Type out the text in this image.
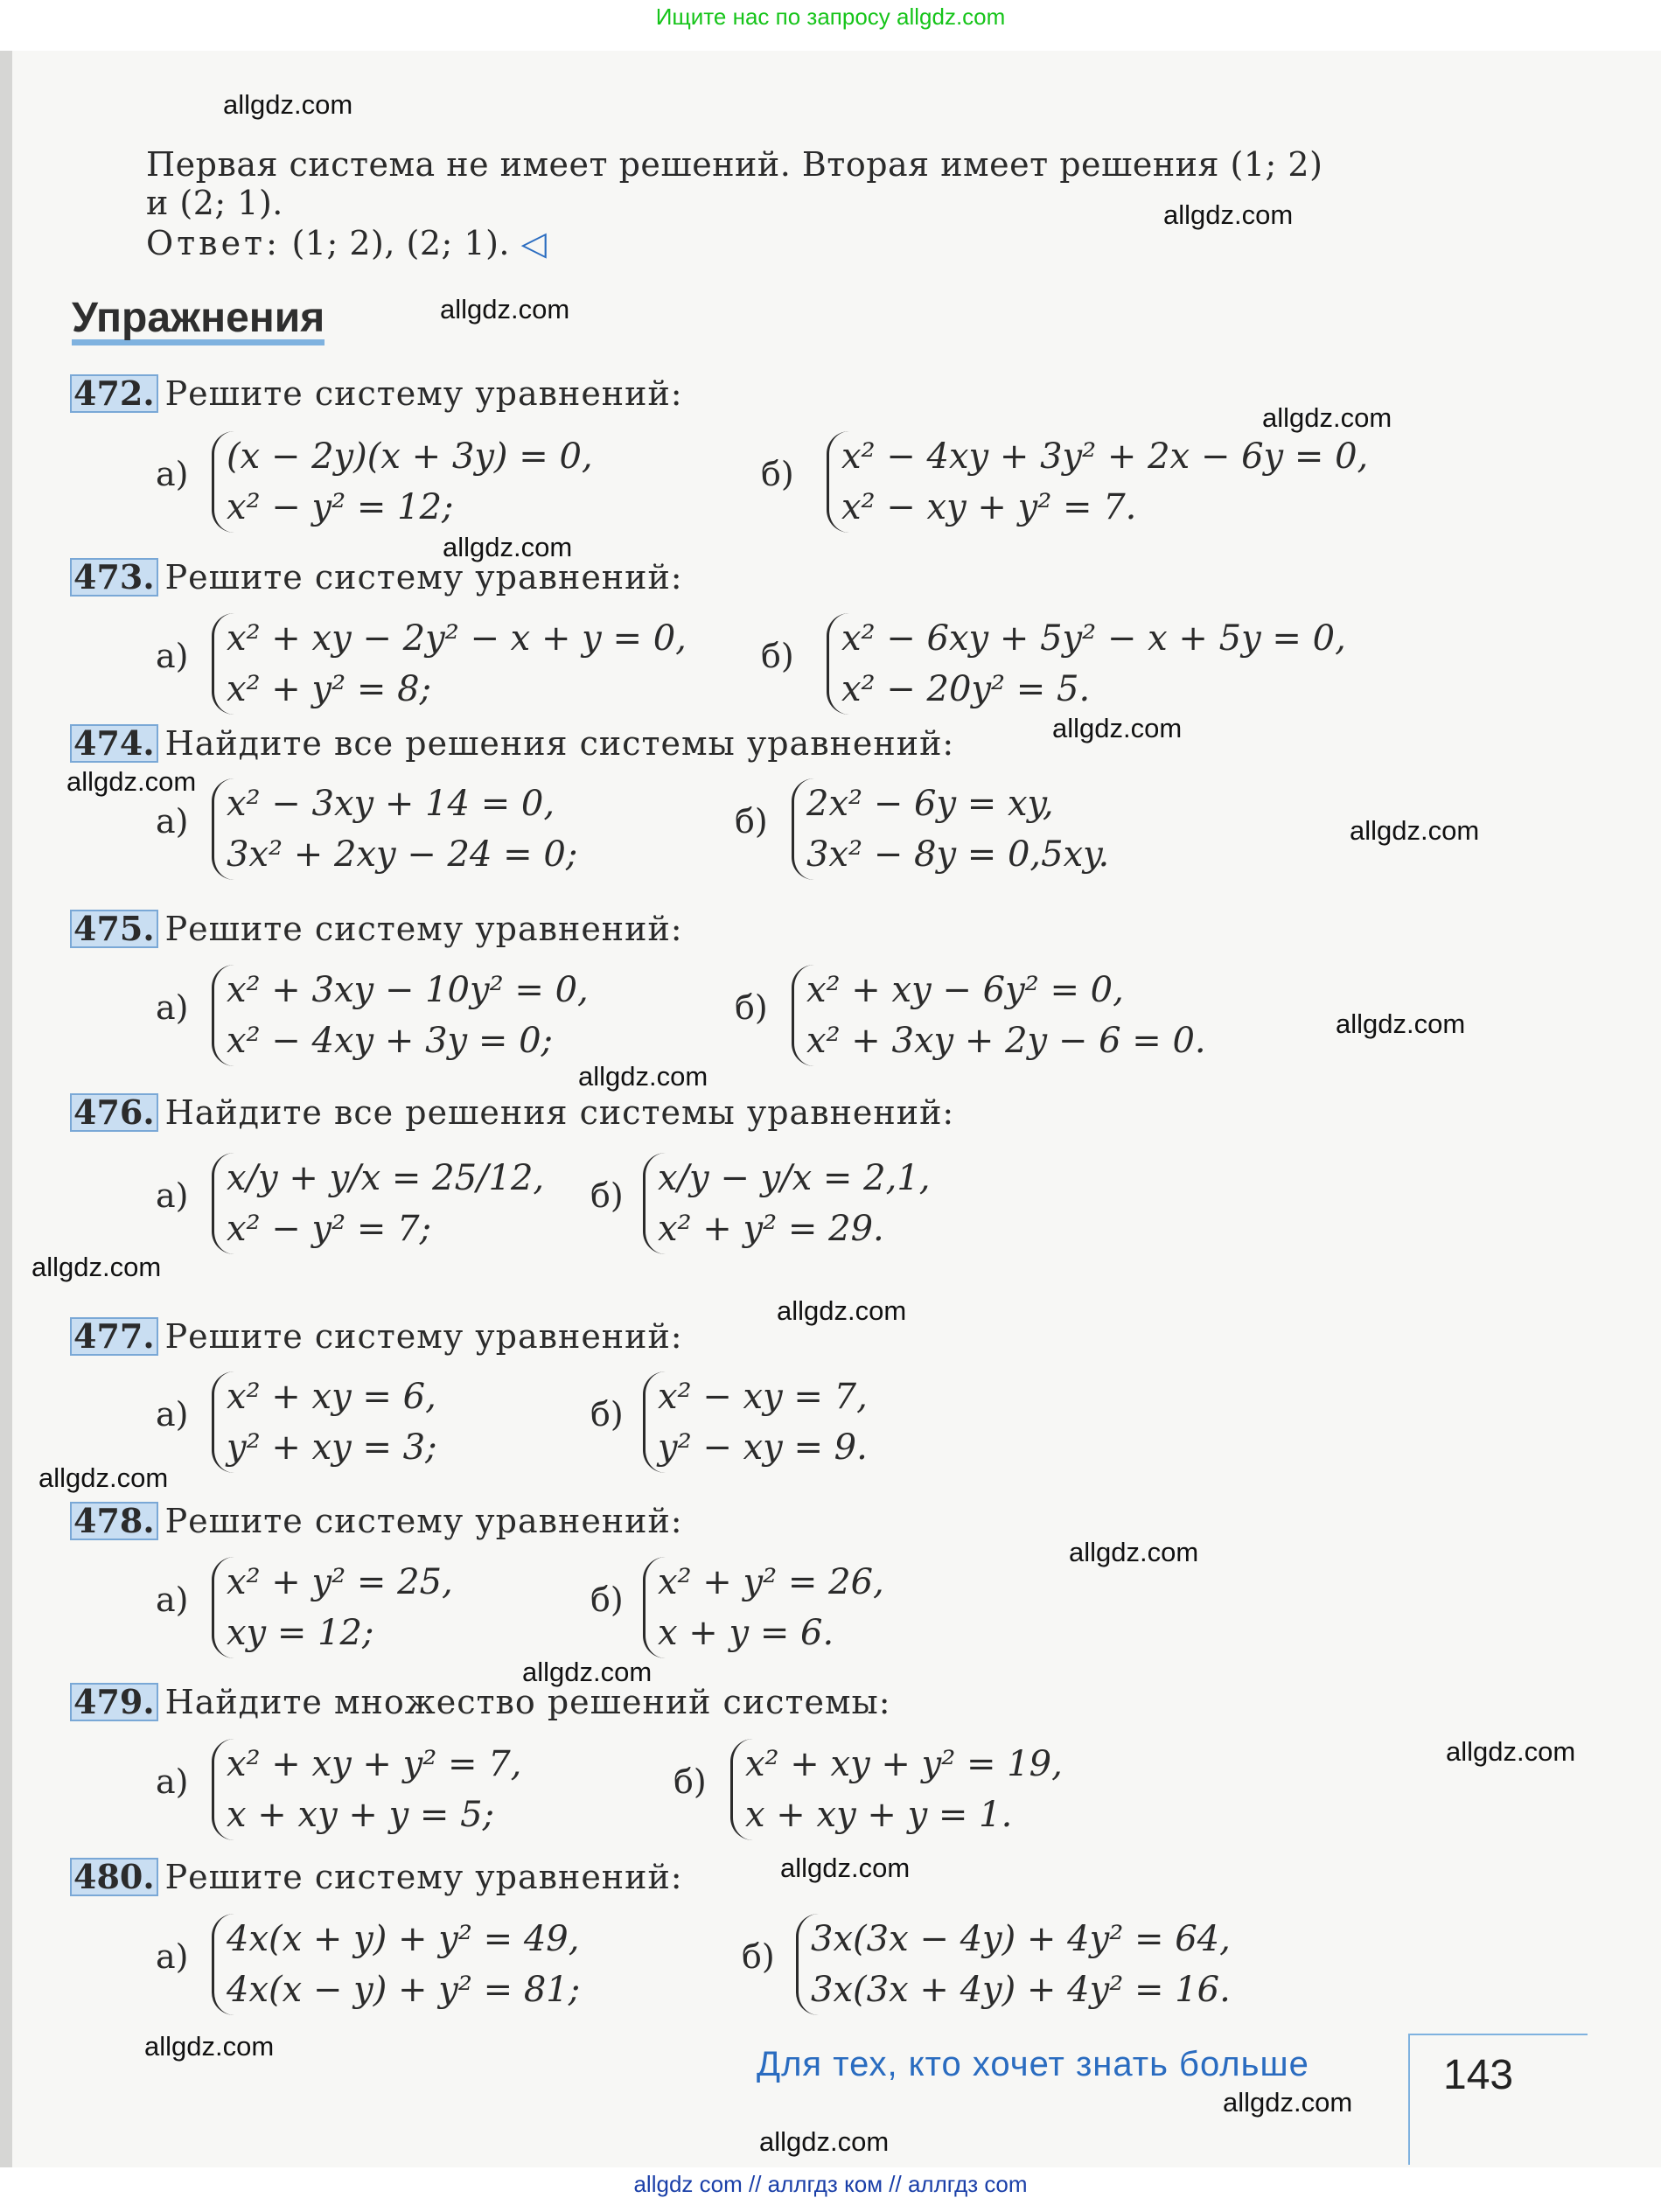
Ищите нас по запросу allgdz.com
allgdz.com
allgdz.com
allgdz.com
allgdz.com
allgdz.com
allgdz.com
allgdz.com
allgdz.com
allgdz.com
allgdz.com
allgdz.com
allgdz.com
allgdz.com
allgdz.com
allgdz.com
allgdz.com
allgdz.com
allgdz.com
allgdz.com
allgdz.com
Первая система не имеет решений. Вторая имеет решения (1; 2)
и (2; 1).
Ответ: (1; 2), (2; 1). ◁
Упражнения
472. Решите систему уравнений:
а) (x − 2y)(x + 3y) = 0,
x² − y² = 12;
б) x² − 4xy + 3y² + 2x − 6y = 0,
x² − xy + y² = 7.
473. Решите систему уравнений:
а) x² + xy − 2y² − x + y = 0,
x² + y² = 8;
б) x² − 6xy + 5y² − x + 5y = 0,
x² − 20y² = 5.
474. Найдите все решения системы уравнений:
а) x² − 3xy + 14 = 0,
3x² + 2xy − 24 = 0;
б) 2x² − 6y = xy,
3x² − 8y = 0,5xy.
475. Решите систему уравнений:
а) x² + 3xy − 10y² = 0,
x² − 4xy + 3y = 0;
б) x² + xy − 6y² = 0,
x² + 3xy + 2y − 6 = 0.
476. Найдите все решения системы уравнений:
а) x/y + y/x = 25/12,
x² − y² = 7;
б) x/y − y/x = 2,1,
x² + y² = 29.
477. Решите систему уравнений:
а) x² + xy = 6,
y² + xy = 3;
б) x² − xy = 7,
y² − xy = 9.
478. Решите систему уравнений:
а) x² + y² = 25,
xy = 12;
б) x² + y² = 26,
x + y = 6.
479. Найдите множество решений системы:
а) x² + xy + y² = 7,
x + xy + y = 5;
б) x² + xy + y² = 19,
x + xy + y = 1.
480. Решите систему уравнений:
а) 4x(x + y) + y² = 49,
4x(x − y) + y² = 81;
б) 3x(3x − 4y) + 4y² = 64,
3x(3x + 4y) + 4y² = 16.
Для тех, кто хочет знать больше	143
allgdz com // аллгдз ком // аллгдз com
